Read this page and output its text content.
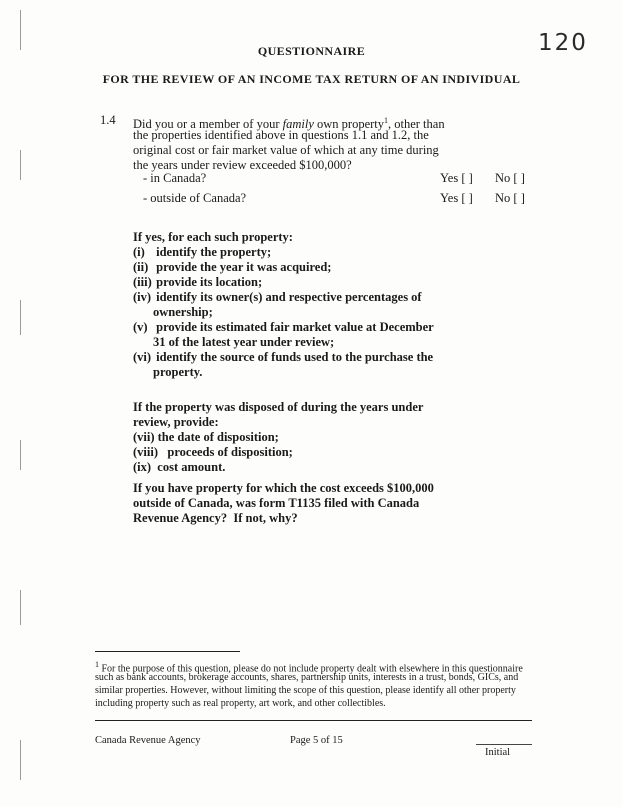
120
QUESTIONNAIRE
FOR THE REVIEW OF AN INCOME TAX RETURN OF AN INDIVIDUAL
1.4 Did you or a member of your family own property$^1$, other than
the properties identified above in questions 1.1 and 1.2, the
original cost or fair market value of which at any time during
the years under review exceeded $100,000?
- in Canada?	Yes [ ] No [ ]
- outside of Canada?	Yes [ ] No [ ]
If yes, for each such property:
(i) identify the property;
(ii) provide the year it was acquired;
(iii) provide its location;
(iv) identify its owner(s) and respective percentages of
ownership;
(v) provide its estimated fair market value at December
31 of the latest year under review;
(vi) identify the source of funds used to the purchase the
property.
If the property was disposed of during the years under
review, provide:
(vii) the date of disposition;
(viii)   proceeds of disposition;
(ix)  cost amount.
If you have property for which the cost exceeds $100,000
outside of Canada, was form T1135 filed with Canada
Revenue Agency?  If not, why?
$^1$ For the purpose of this question, please do not include property dealt with elsewhere in this questionnaire
such as bank accounts, brokerage accounts, shares, partnership units, interests in a trust, bonds, GICs, and
similar properties. However, without limiting the scope of this question, please identify all other property
including property such as real property, art work, and other collectibles.
Canada Revenue Agency	Page 5 of 15
Initial
